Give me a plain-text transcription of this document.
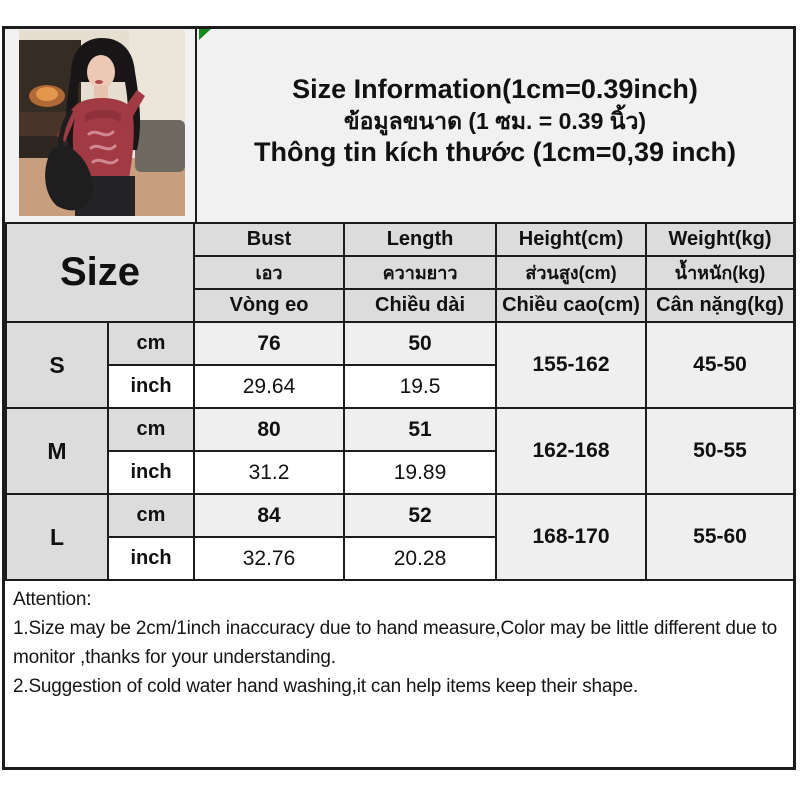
Size Information(1cm=0.39inch)
ข้อมูลขนาด (1 ซม. = 0.39 นิ้ว)
Thông tin kích thước (1cm=0,39 inch)
Size		Bust	Length	Height(cm)	Weight(kg)
		เอว	ความยาว	ส่วนสูง(cm)	น้ำหนัก(kg)
		Vòng eo	Chiều dài	Chiều cao(cm)	Cân nặng(kg)
S	cm	76	50	155-162	45-50
	inch	29.64	19.5		
M	cm	80	51	162-168	50-55
	inch	31.2	19.89		
L	cm	84	52	168-170	55-60
	inch	32.76	20.28		
Attention:
1.Size may be 2cm/1inch inaccuracy due to hand measure,Color may be little different due to monitor ,thanks for your understanding.
2.Suggestion of cold water hand washing,it can help items keep their shape.
